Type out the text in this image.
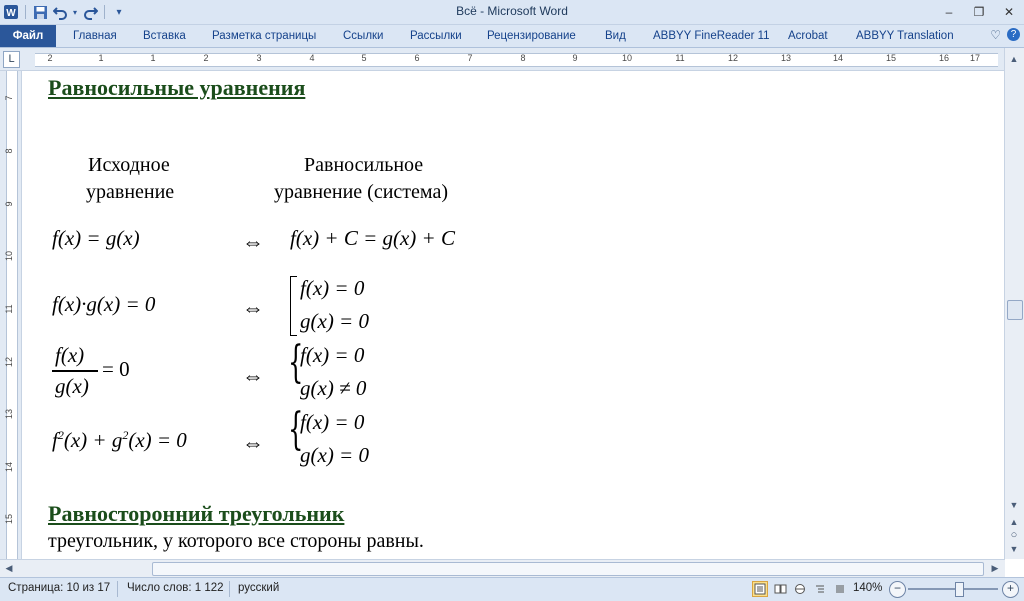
W	▾	▾	Всё - Microsoft Word	–	❐	✕
Файл	Главная Вставка Разметка страницы Ссылки Рассылки Рецензирование	Вид ABBYY FineReader 11 Acrobat ABBYY Translation	♡ ?
L	2	1	1	2	3	4	5	6	7	8	9	10	11	12	13	14	15	16 17
7
8
9
10
11
12
13
14
15
Равносильные уравнения
Исходное
уравнение
Равносильное
уравнение (система)
f(x) = g(x)	⇔ f(x) + C = g(x) + C
f(x)·g(x) = 0	⇔
f(x) = 0
g(x) = 0
f(x)
g(x)
= 0	⇔ {
f(x) = 0
g(x) ≠ 0
$f^2(x) + g^2(x) = 0$	⇔ {
f(x) = 0
g(x) = 0
Равносторонний треугольник
треугольник, у которого все стороны равны.
▲
▼
▲
○
▼
◀	▶
Страница: 10 из 17 Число слов: 1 122 русский	140% −	+
